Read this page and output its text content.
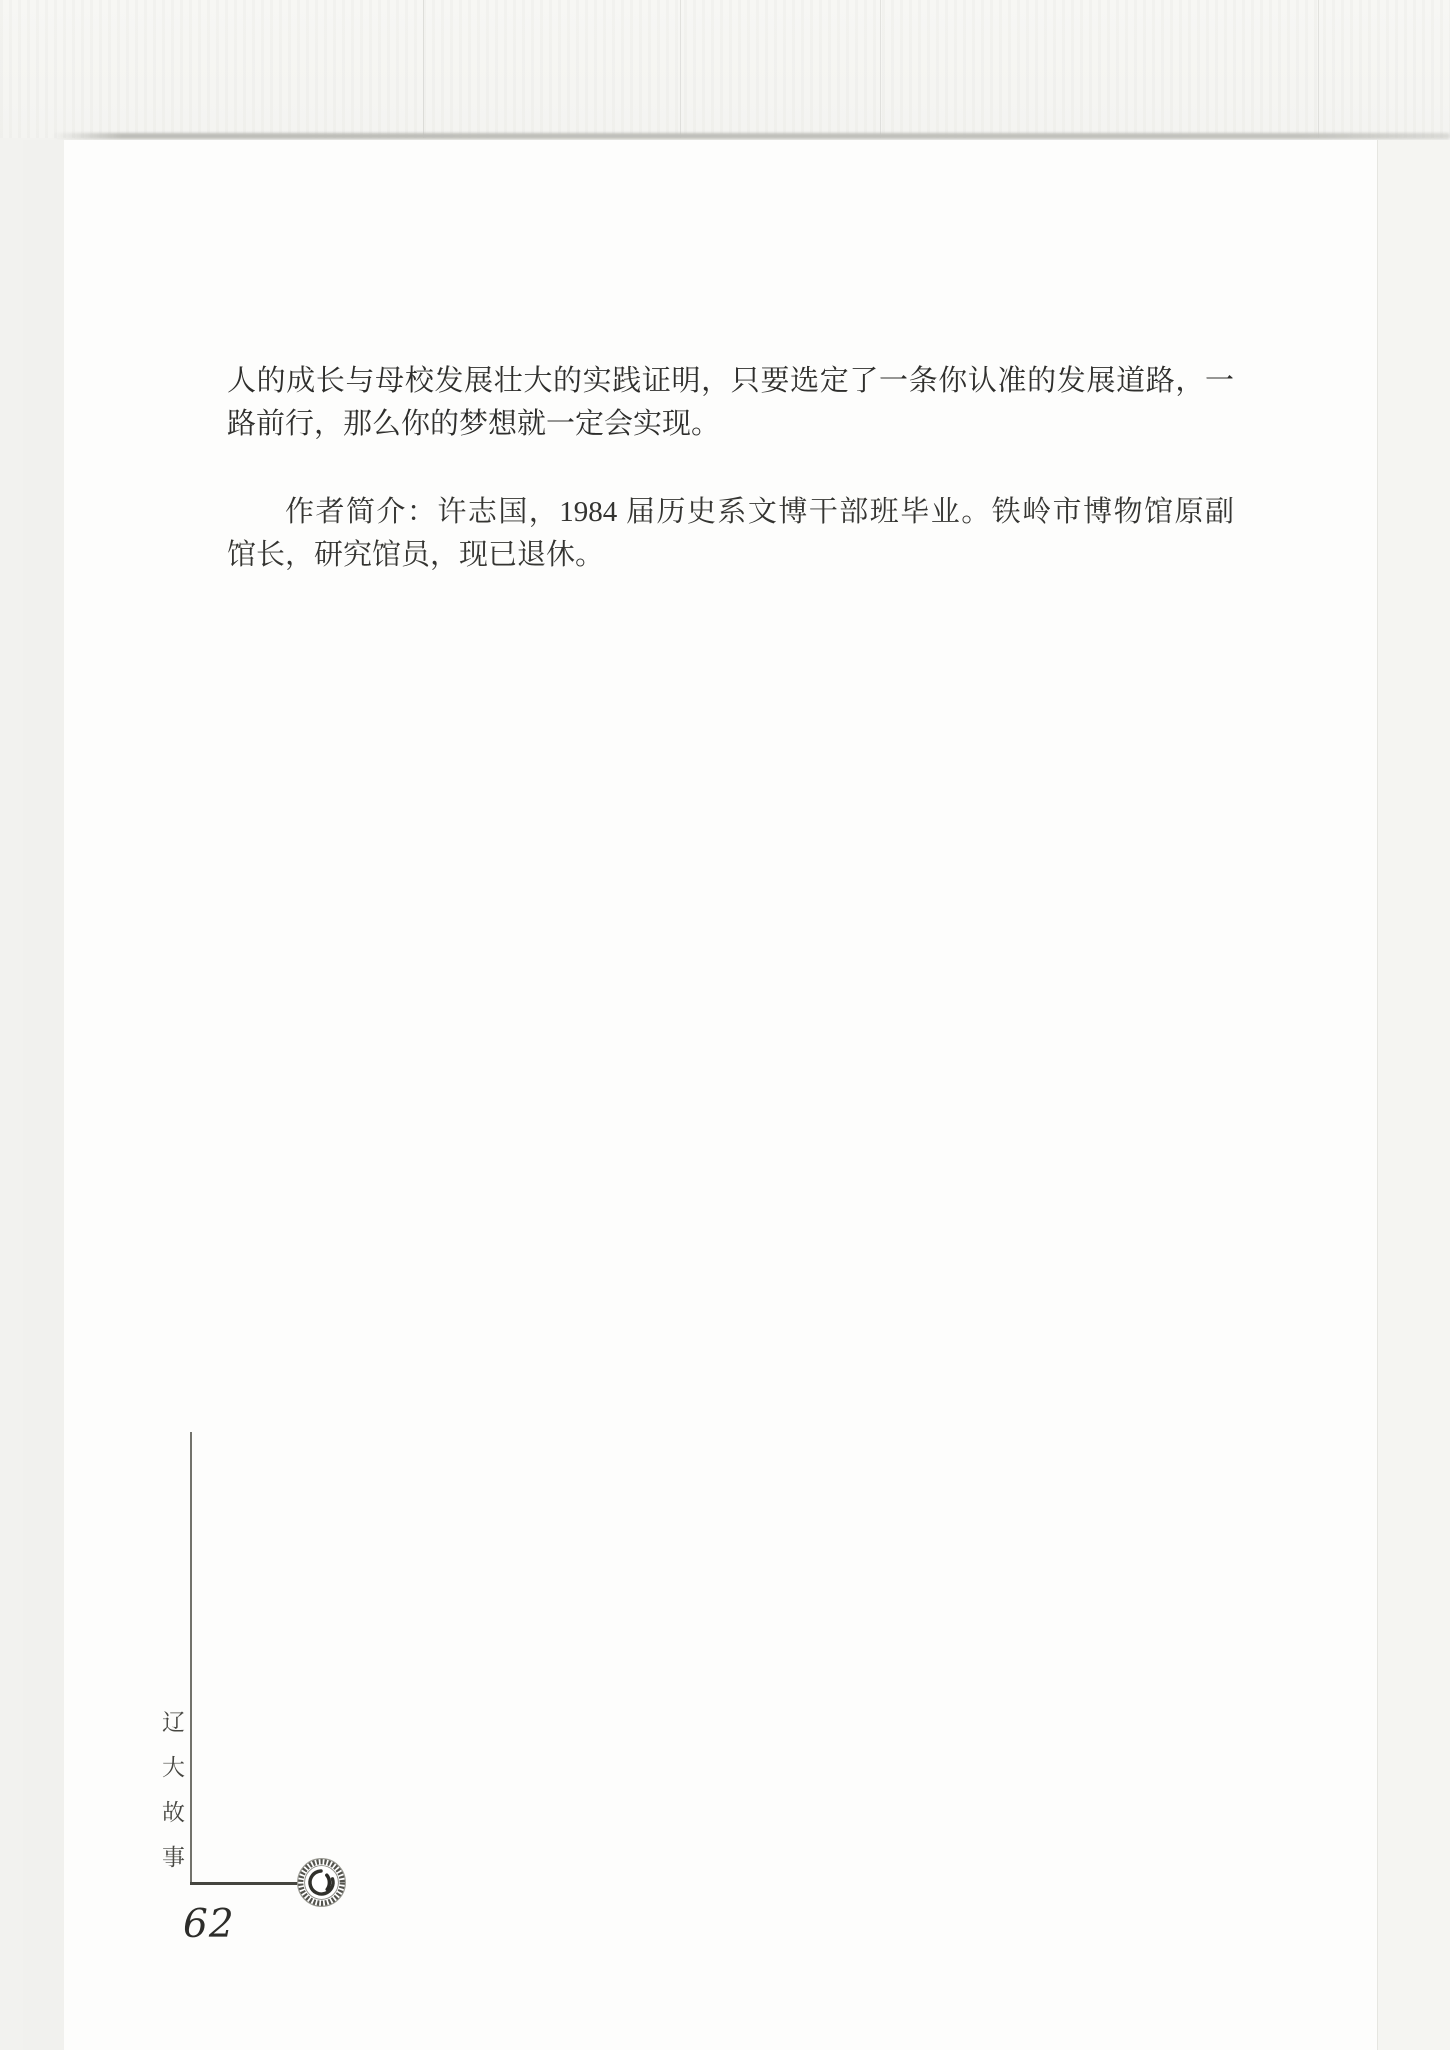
人的成长与母校发展壮大的实践证明，只要选定了一条你认准的发展道路，一
路前行，那么你的梦想就一定会实现。
作者简介：许志国，1984 届历史系文博干部班毕业。铁岭市博物馆原副
馆长，研究馆员，现已退休。
辽
大
故
事
62
